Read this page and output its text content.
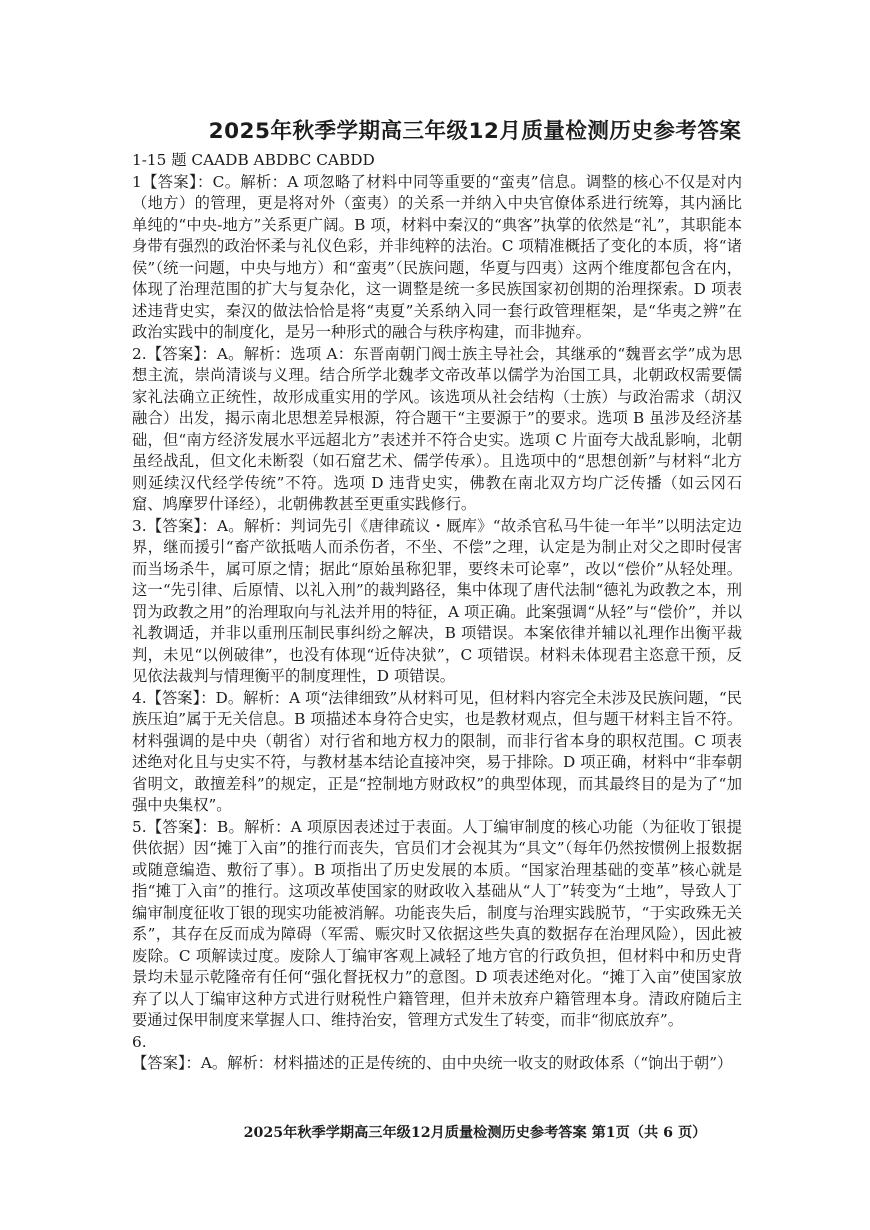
2025年秋季学期高三年级12月质量检测历史参考答案

1-15 题 CAADB ABDBC CABDD

1【答案】：C。解析：A 项忽略了材料中同等重要的“蛮夷”信息。调整的核心不仅是对内（地方）的管理，更是将对外（蛮夷）的关系一并纳入中央官僚体系进行统筹，其内涵比单纯的“中央-地方”关系更广阔。B 项，材料中秦汉的“典客”执掌的依然是“礼”，其职能本身带有强烈的政治怀柔与礼仪色彩，并非纯粹的法治。C 项精准概括了变化的本质，将“诸侯”（统一问题，中央与地方）和“蛮夷”（民族问题，华夏与四夷）这两个维度都包含在内，体现了治理范围的扩大与复杂化，这一调整是统一多民族国家初创期的治理探索。D 项表述违背史实，秦汉的做法恰恰是将“夷夏”关系纳入同一套行政管理框架，是“华夷之辨”在政治实践中的制度化，是另一种形式的融合与秩序构建，而非抛弃。

2.【答案】：A。解析：选项 A：东晋南朝门阀士族主导社会，其继承的“魏晋玄学”成为思想主流，崇尚清谈与义理。结合所学北魏孝文帝改革以儒学为治国工具，北朝政权需要儒家礼法确立正统性，故形成重实用的学风。该选项从社会结构（士族）与政治需求（胡汉融合）出发，揭示南北思想差异根源，符合题干“主要源于”的要求。选项 B 虽涉及经济基础，但“南方经济发展水平远超北方”表述并不符合史实。选项 C 片面夸大战乱影响，北朝虽经战乱，但文化未断裂（如石窟艺术、儒学传承）。且选项中的“思想创新”与材料“北方则延续汉代经学传统”不符。选项 D 违背史实，佛教在南北双方均广泛传播（如云冈石窟、鸠摩罗什译经），北朝佛教甚至更重实践修行。

3.【答案】：A。解析：判词先引《唐律疏议・厩库》“故杀官私马牛徒一年半”以明法定边界，继而援引“畜产欲抵啮人而杀伤者，不坐、不偿”之理，认定是为制止对父之即时侵害而当场杀牛，属可原之情；据此“原始虽称犯罪，要终未可论辜”，改以“偿价”从轻处理。这一“先引律、后原情、以礼入刑”的裁判路径，集中体现了唐代法制“德礼为政教之本，刑罚为政教之用”的治理取向与礼法并用的特征，A 项正确。此案强调“从轻”与“偿价”，并以礼教调适，并非以重刑压制民事纠纷之解决，B 项错误。本案依律并辅以礼理作出衡平裁判，未见“以例破律”，也没有体现“近侍决狱”，C 项错误。材料未体现君主恣意干预，反见依法裁判与情理衡平的制度理性，D 项错误。

4.【答案】：D。解析：A 项“法律细致”从材料可见，但材料内容完全未涉及民族问题，“民族压迫”属于无关信息。B 项描述本身符合史实，也是教材观点，但与题干材料主旨不符。材料强调的是中央（朝省）对行省和地方权力的限制，而非行省本身的职权范围。C 项表述绝对化且与史实不符，与教材基本结论直接冲突，易于排除。D 项正确，材料中“非奉朝省明文，敢擅差科”的规定，正是“控制地方财政权”的典型体现，而其最终目的是为了“加强中央集权”。

5.【答案】：B。解析：A 项原因表述过于表面。人丁编审制度的核心功能（为征收丁银提供依据）因“摊丁入亩”的推行而丧失，官员们才会视其为“具文”（每年仍然按惯例上报数据或随意编造、敷衍了事）。B 项指出了历史发展的本质。“国家治理基础的变革”核心就是指“摊丁入亩”的推行。这项改革使国家的财政收入基础从“人丁”转变为“土地”，导致人丁编审制度征收丁银的现实功能被消解。功能丧失后，制度与治理实践脱节，“于实政殊无关系”，其存在反而成为障碍（军需、赈灾时又依据这些失真的数据存在治理风险），因此被废除。C 项解读过度。废除人丁编审客观上减轻了地方官的行政负担，但材料中和历史背景均未显示乾隆帝有任何“强化督抚权力”的意图。D 项表述绝对化。“摊丁入亩”使国家放弃了以人丁编审这种方式进行财税性户籍管理，但并未放弃户籍管理本身。清政府随后主要通过保甲制度来掌握人口、维持治安，管理方式发生了转变，而非“彻底放弃”。

6.【答案】：A。解析：材料描述的正是传统的、由中央统一收支的财政体系（“饷出于朝”）

2025年秋季学期高三年级12月质量检测历史参考答案 第1页（共 6 页）
